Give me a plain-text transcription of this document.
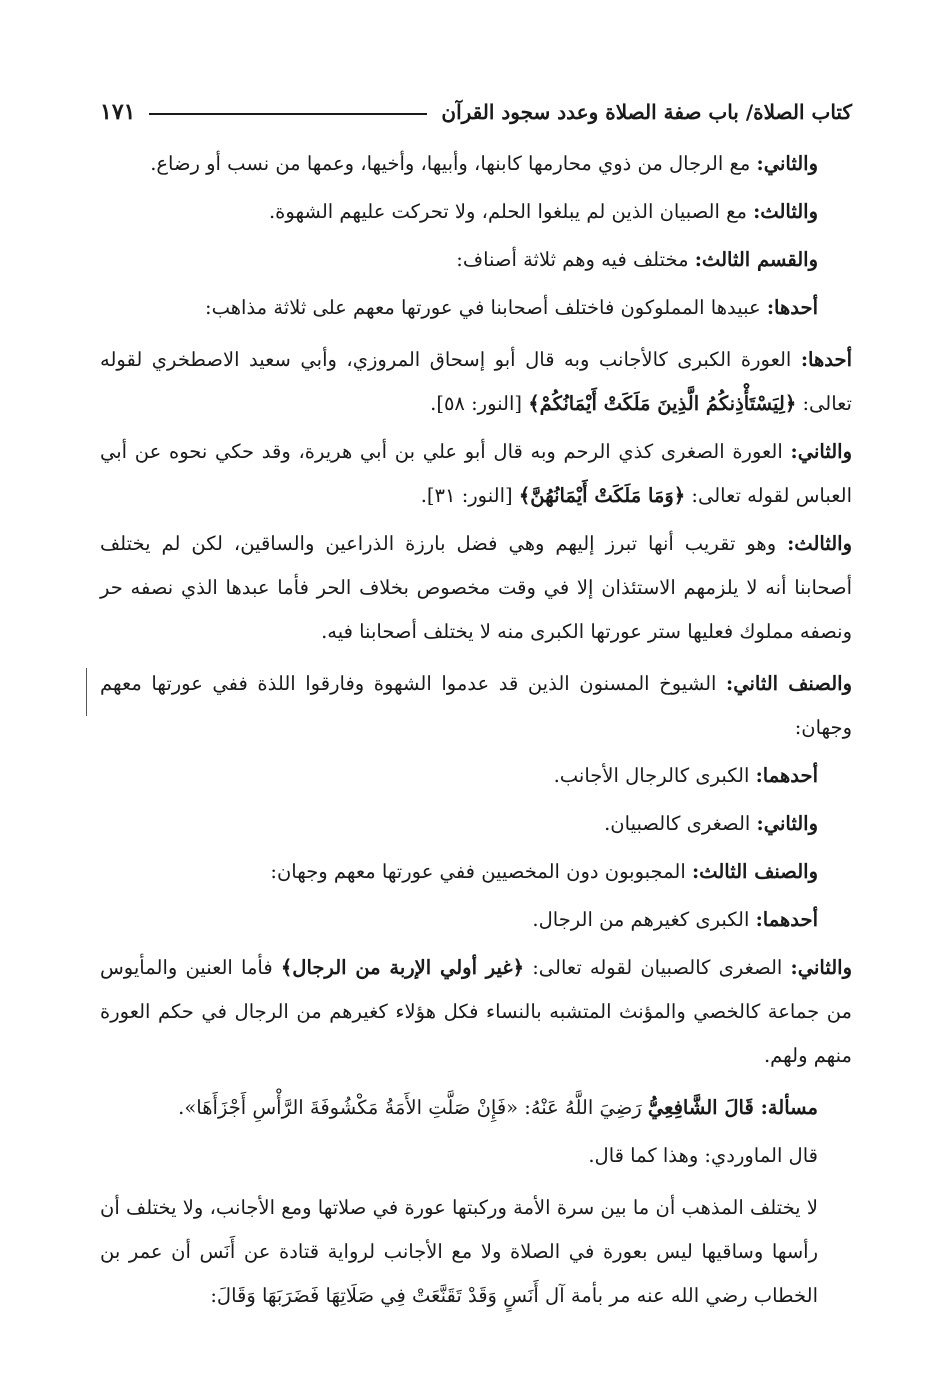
كتاب الصلاة/ باب صفة الصلاة وعدد سجود القرآن
١٧١

والثاني: مع الرجال من ذوي محارمها كابنها، وأبيها، وأخيها، وعمها من نسب أو رضاع.

والثالث: مع الصبيان الذين لم يبلغوا الحلم، ولا تحركت عليهم الشهوة.

والقسم الثالث: مختلف فيه وهم ثلاثة أصناف:

أحدها: عبيدها المملوكون فاختلف أصحابنا في عورتها معهم على ثلاثة مذاهب:

أحدها: العورة الكبرى كالأجانب وبه قال أبو إسحاق المروزي، وأبي سعيد الاصطخري لقوله تعالى: ﴿لِيَسْتَأْذِنكُمُ الَّذِينَ مَلَكَتْ أَيْمَانُكُمْ﴾ [النور: ٥٨].

والثاني: العورة الصغرى كذي الرحم وبه قال أبو علي بن أبي هريرة، وقد حكي نحوه عن أبي العباس لقوله تعالى: ﴿وَمَا مَلَكَتْ أَيْمَانُهُنَّ﴾ [النور: ٣١].

والثالث: وهو تقريب أنها تبرز إليهم وهي فضل بارزة الذراعين والساقين، لكن لم يختلف أصحابنا أنه لا يلزمهم الاستئذان إلا في وقت مخصوص بخلاف الحر فأما عبدها الذي نصفه حر ونصفه مملوك فعليها ستر عورتها الكبرى منه لا يختلف أصحابنا فيه.

والصنف الثاني: الشيوخ المسنون الذين قد عدموا الشهوة وفارقوا اللذة ففي عورتها معهم وجهان:

أحدهما: الكبرى كالرجال الأجانب.

والثاني: الصغرى كالصبيان.

والصنف الثالث: المجبوبون دون المخصيين ففي عورتها معهم وجهان:

أحدهما: الكبرى كغيرهم من الرجال.

والثاني: الصغرى كالصبيان لقوله تعالى: ﴿غير أولي الإربة من الرجال﴾ فأما العنين والمأيوس من جماعة كالخصي والمؤنث المتشبه بالنساء فكل هؤلاء كغيرهم من الرجال في حكم العورة منهم ولهم.

مسألة: قَالَ الشَّافِعِيُّ رَضِيَ اللَّهُ عَنْهُ: «فَإِنْ صَلَّتِ الأَمَةُ مَكْشُوفَةَ الرَّأْسِ أَجْزَأَهَا».

قال الماوردي: وهذا كما قال.

لا يختلف المذهب أن ما بين سرة الأمة وركبتها عورة في صلاتها ومع الأجانب، ولا يختلف أن رأسها وساقيها ليس بعورة في الصلاة ولا مع الأجانب لرواية قتادة عن أَنَس أن عمر بن الخطاب رضي الله عنه مر بأمة آل أَنَسٍ وَقَدْ تَقَنَّعَتْ فِي صَلَاتِهَا فَضَرَبَهَا وَقَالَ:
